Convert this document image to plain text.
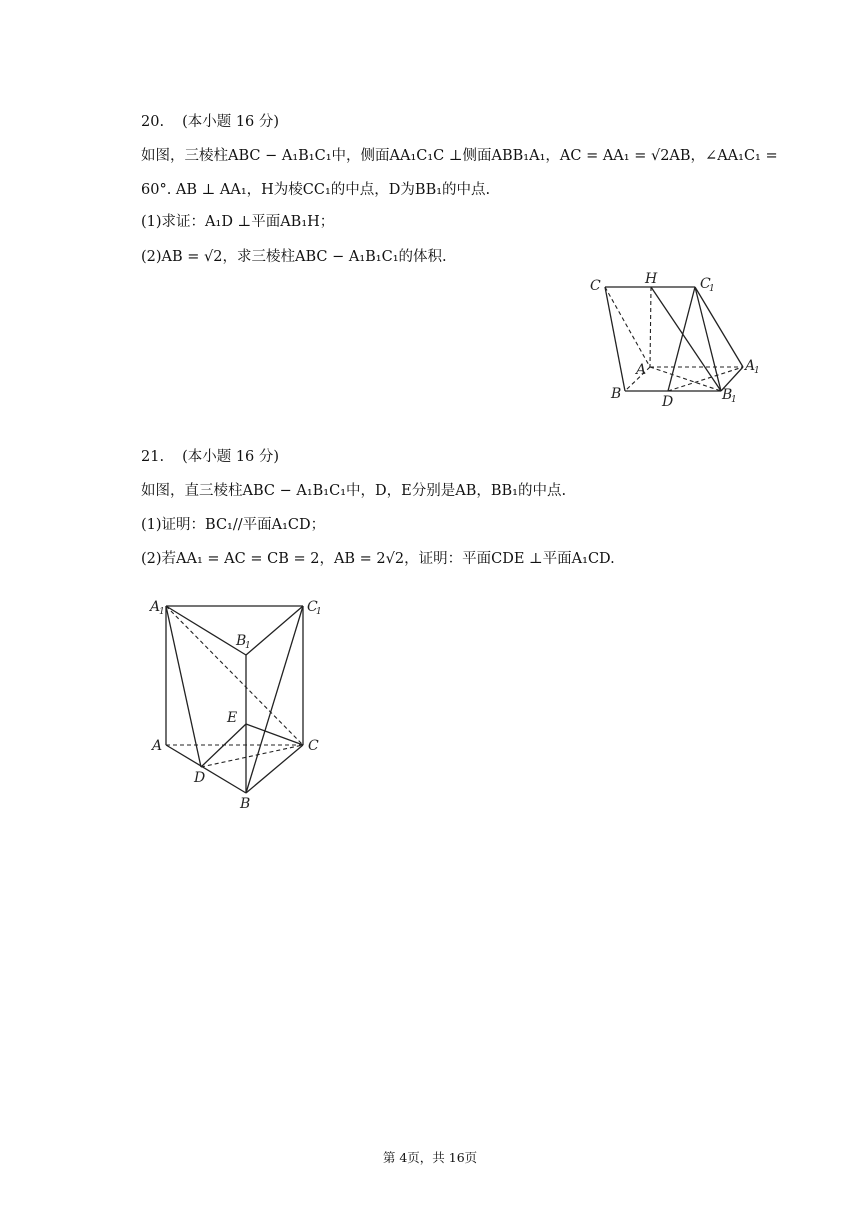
20. (本小题 16 分)
如图，三棱柱ABC − A₁B₁C₁中，侧面AA₁C₁C ⊥侧面ABB₁A₁，AC = AA₁ = √2AB，∠AA₁C₁ =
60°. AB ⊥ AA₁，H为棱CC₁的中点，D为BB₁的中点.
(1)求证：A₁D ⊥平面AB₁H；
(2)AB = √2，求三棱柱ABC − A₁B₁C₁的体积.
C	H	C
1
A	A
1
B	D	B
1
21. (本小题 16 分)
如图，直三棱柱ABC − A₁B₁C₁中，D，E分别是AB，BB₁的中点.
(1)证明：BC₁//平面A₁CD；
(2)若AA₁ = AC = CB = 2，AB = 2√2，证明：平面CDE ⊥平面A₁CD.
A
1	C
1
B
1
E
A	C
D
B
第 4页，共 16页
